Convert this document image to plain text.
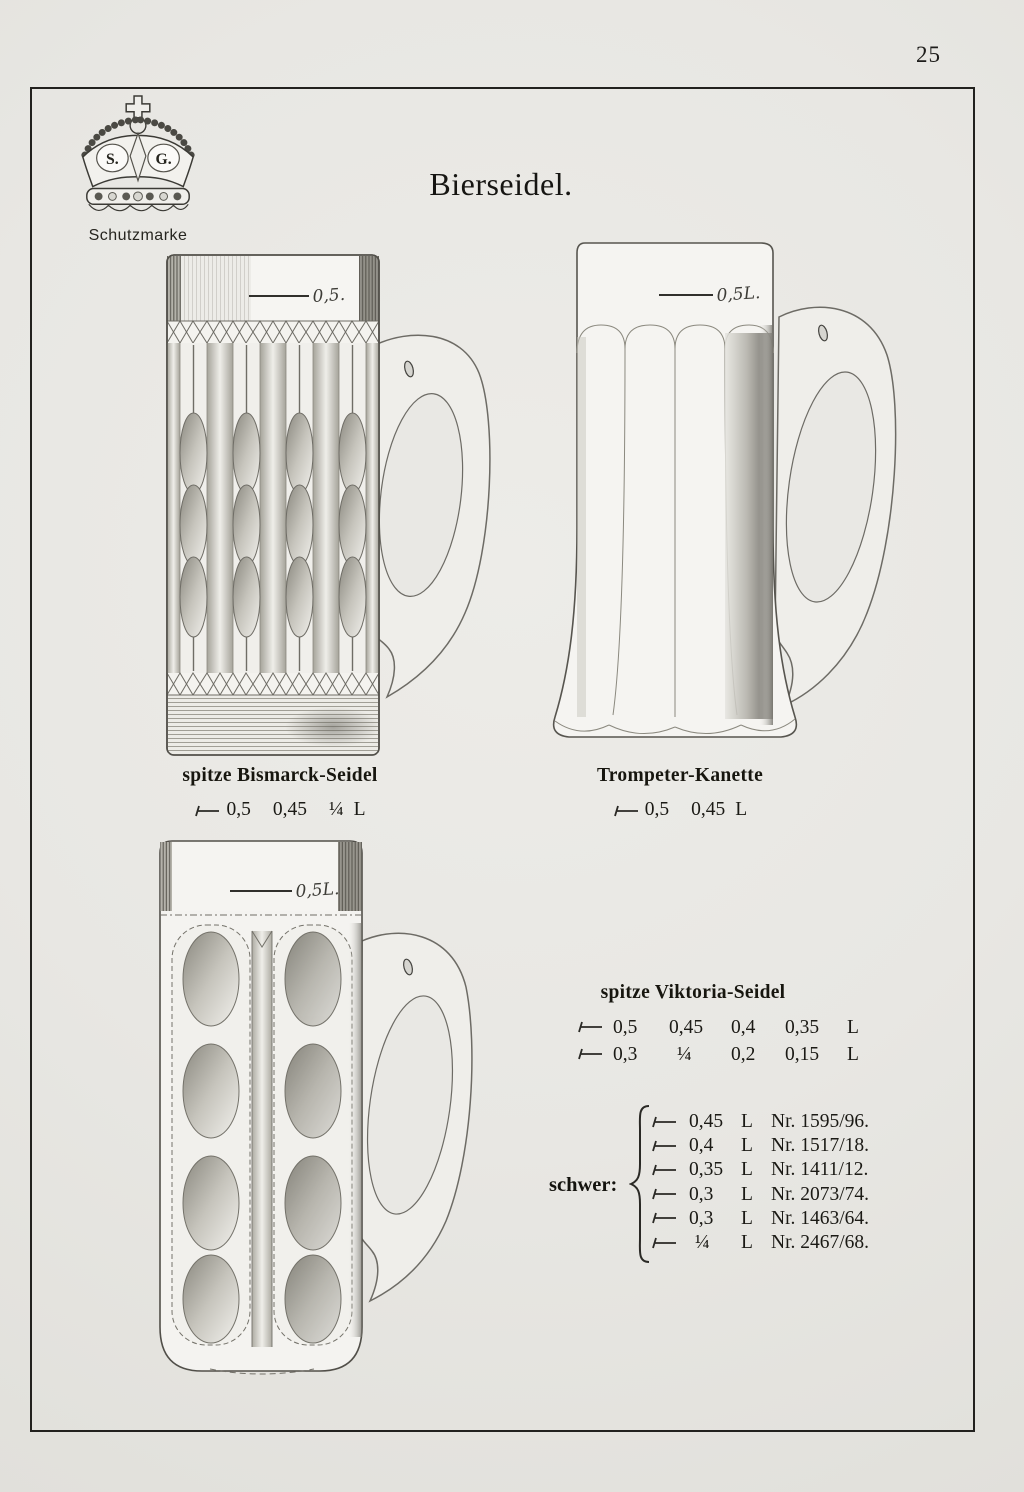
25
S. G.
Schutzmarke
Bierseidel.
0,5.	0,5L.
0,5L.
spitze Bismarck-Seidel
0,5 0,45 ¼ L
Trompeter-Kanette
0,5 0,45 L
spitze Viktoria-Seidel
0,5	0,45	0,4	0,35	L
0,3	¼	0,2	0,15	L
schwer:
0,45 L Nr. 1595/96.
0,4	L Nr. 1517/18.
0,35 L Nr. 1411/12.
0,3	L Nr. 2073/74.
0,3	L Nr. 1463/64.
¼	L Nr. 2467/68.
